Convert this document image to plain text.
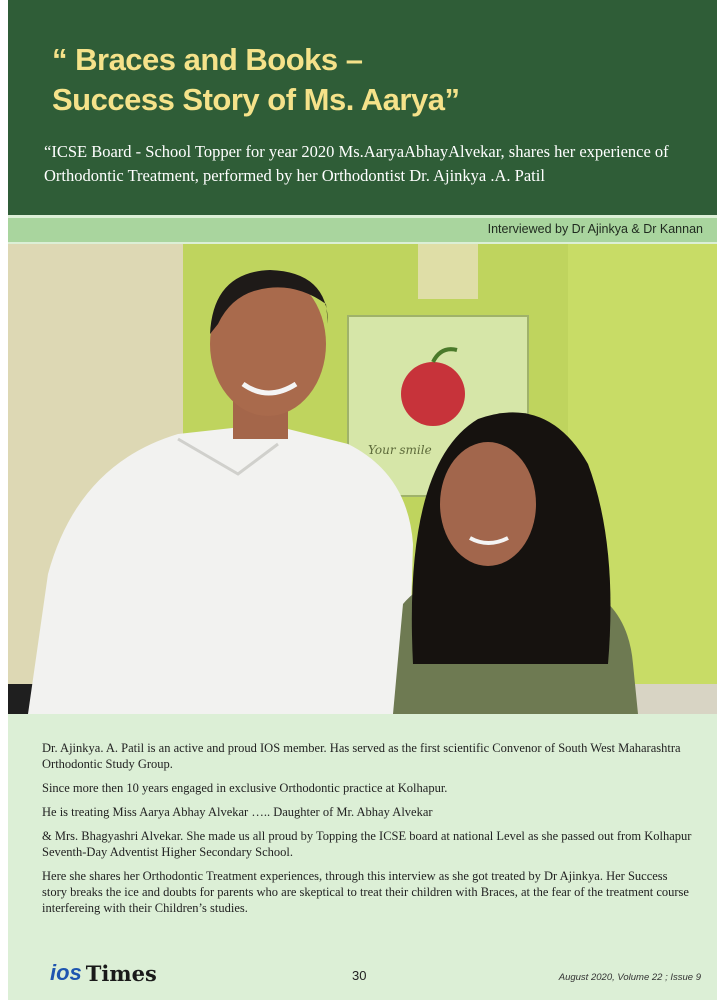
“ Braces and Books –
Success Story of Ms. Aarya”

“ICSE Board - School Topper for year 2020 Ms.AaryaAbhayAlvekar, shares her experience of Orthodontic Treatment, performed by her Orthodontist Dr. Ajinkya .A. Patil

Interviewed by Dr Ajinkya & Dr Kannan
Your smile

Dr. Ajinkya. A. Patil is an active and proud IOS member. Has served as the first scientific Convenor of South West Maharashtra Orthodontic Study Group.

Since more then 10 years engaged in exclusive Orthodontic practice at Kolhapur.

He is treating Miss Aarya Abhay Alvekar ….. Daughter of Mr. Abhay Alvekar

& Mrs. Bhagyashri Alvekar. She made us all proud by Topping the ICSE board at national Level as she passed out from Kolhapur Seventh-Day Adventist Higher Secondary School.

Here she shares her Orthodontic Treatment experiences, through this interview as she got treated by Dr Ajinkya. Her Success story breaks the ice and doubts for parents who are skeptical to treat their children with Braces, at the fear of the treatment course interfereing with their Children’s studies.

ios Times	30	August 2020, Volume 22 ; Issue 9
